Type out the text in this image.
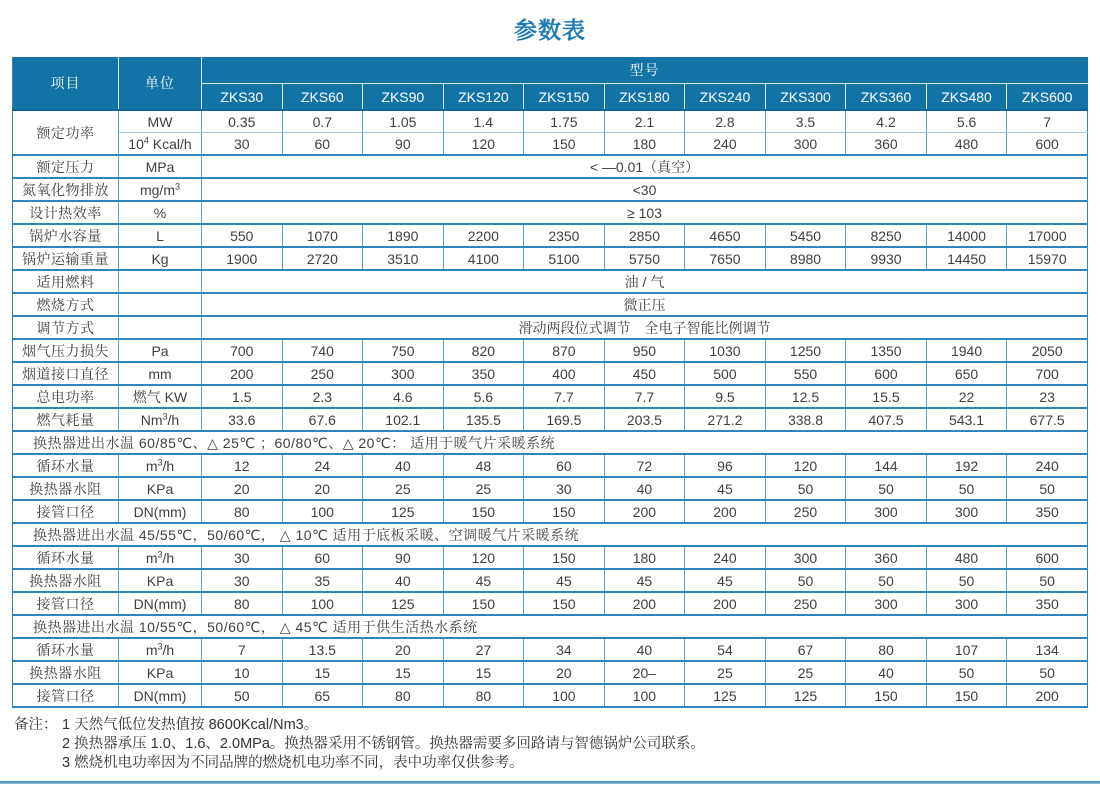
参数表
项目	单位	型号										
		ZKS30	ZKS60	ZKS90	ZKS120	ZKS150	ZKS180	ZKS240	ZKS300	ZKS360	ZKS480	ZKS600
额定功率	MW	0.35	0.7	1.05	1.4	1.75	2.1	2.8	3.5	4.2	5.6	7
	$10^4$ Kcal/h	30	60	90	120	150	180	240	300	360	480	600
额定压力	MPa	< —0.01（真空）										
氮氧化物排放	$mg/m^3$	<30										
设计热效率	%	≥ 103										
锅炉水容量	L	550	1070	1890	2200	2350	2850	4650	5450	8250	14000	17000
锅炉运输重量	Kg	1900	2720	3510	4100	5100	5750	7650	8980	9930	14450	15970
适用燃料		油 / 气										
燃烧方式		微正压										
调节方式		滑动两段位式调节　全电子智能比例调节										
烟气压力损失	Pa	700	740	750	820	870	950	1030	1250	1350	1940	2050
烟道接口直径	mm	200	250	300	350	400	450	500	550	600	650	700
总电功率	燃气 KW	1.5	2.3	4.6	5.6	7.7	7.7	9.5	12.5	15.5	22	23
燃气耗量	Nm$^3$/h	33.6	67.6	102.1	135.5	169.5	203.5	271.2	338.8	407.5	543.1	677.5
换热器进出水温 60/85℃、△ 25℃ ；60/80℃、△ 20℃： 适用于暖气片采暖系统												
循环水量	$m^3/h$	12	24	40	48	60	72	96	120	144	192	240
换热器水阻	KPa	20	20	25	25	30	40	45	50	50	50	50
接管口径	DN(mm)	80	100	125	150	150	200	200	250	300	300	350
换热器进出水温 45/55℃，50/60℃， △ 10℃ 适用于底板采暖、空调暖气片采暖系统												
循环水量	$m^3/h$	30	60	90	120	150	180	240	300	360	480	600
换热器水阻	KPa	30	35	40	45	45	45	45	50	50	50	50
接管口径	DN(mm)	80	100	125	150	150	200	200	250	300	300	350
换热器进出水温 10/55℃，50/60℃， △ 45℃ 适用于供生活热水系统												
循环水量	$m^3/h$	7	13.5	20	27	34	40	54	67	80	107	134
换热器水阻	KPa	10	15	15	15	20	20–	25	25	40	50	50
接管口径	DN(mm)	50	65	80	80	100	100	125	125	150	150	200
备注： 1 天然气低位发热值按 8600Kcal/Nm3。
2 换热器承压 1.0、1.6、2.0MPa。换热器采用不锈钢管。换热器需要多回路请与智德锅炉公司联系。
3 燃烧机电功率因为不同品牌的燃烧机电功率不同，表中功率仅供参考。
